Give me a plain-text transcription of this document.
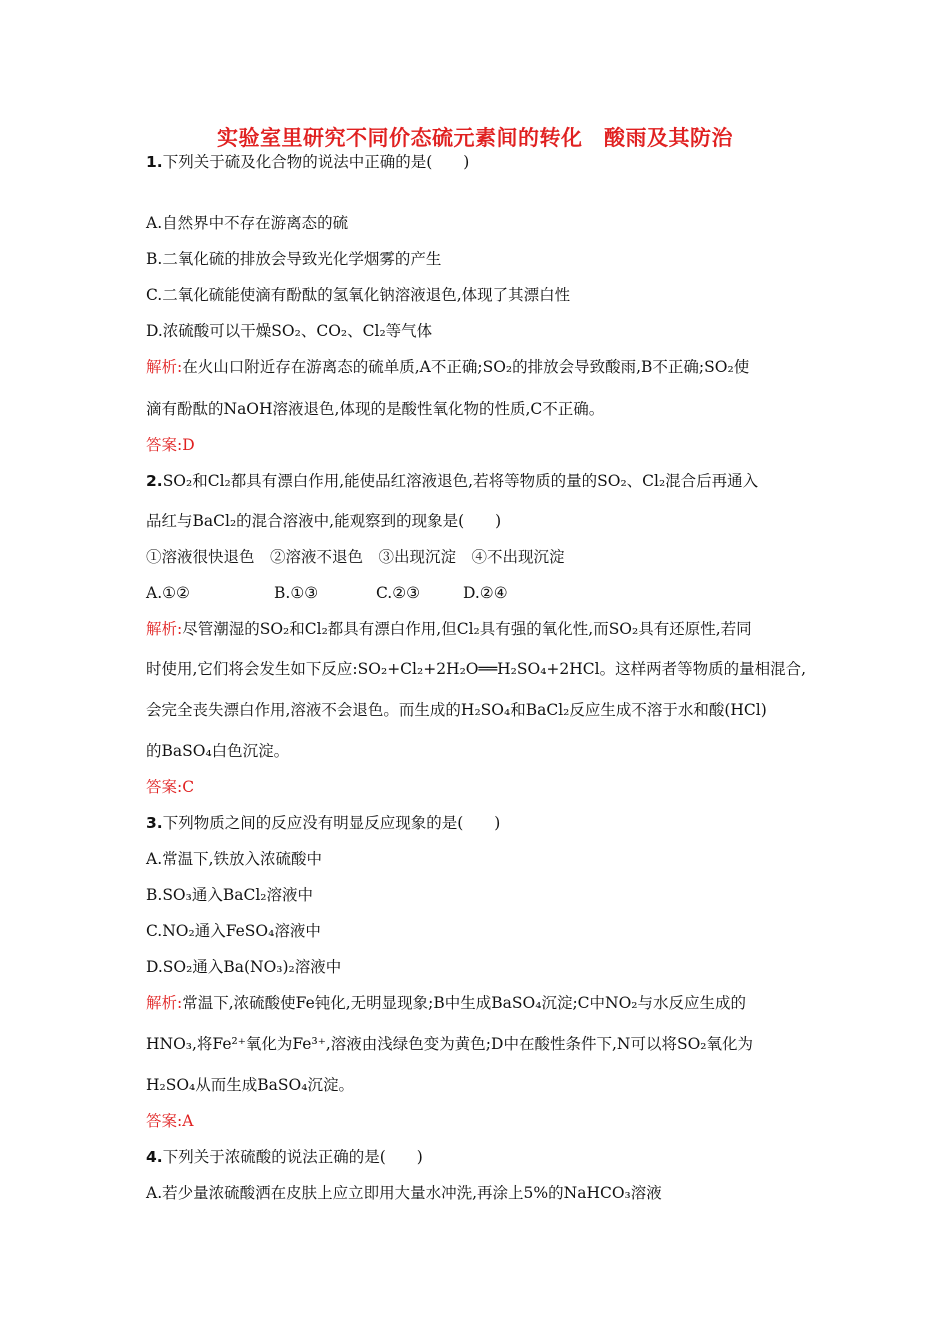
实验室里研究不同价态硫元素间的转化　酸雨及其防治
1.下列关于硫及化合物的说法中正确的是(　　)
A.自然界中不存在游离态的硫
B.二氧化硫的排放会导致光化学烟雾的产生
C.二氧化硫能使滴有酚酞的氢氧化钠溶液退色,体现了其漂白性
D.浓硫酸可以干燥SO₂、CO₂、Cl₂等气体
解析:在火山口附近存在游离态的硫单质,A不正确;SO₂的排放会导致酸雨,B不正确;SO₂使
滴有酚酞的NaOH溶液退色,体现的是酸性氧化物的性质,C不正确。
答案:D
2.SO₂和Cl₂都具有漂白作用,能使品红溶液退色,若将等物质的量的SO₂、Cl₂混合后再通入
品红与BaCl₂的混合溶液中,能观察到的现象是(　　)
①溶液很快退色　②溶液不退色　③出现沉淀　④不出现沉淀
A.①②	B.①③	C.②③	D.②④
解析:尽管潮湿的SO₂和Cl₂都具有漂白作用,但Cl₂具有强的氧化性,而SO₂具有还原性,若同
时使用,它们将会发生如下反应:SO₂+Cl₂+2H₂O══H₂SO₄+2HCl。这样两者等物质的量相混合,
会完全丧失漂白作用,溶液不会退色。而生成的H₂SO₄和BaCl₂反应生成不溶于水和酸(HCl)
的BaSO₄白色沉淀。
答案:C
3.下列物质之间的反应没有明显反应现象的是(　　)
A.常温下,铁放入浓硫酸中
B.SO₃通入BaCl₂溶液中
C.NO₂通入FeSO₄溶液中
D.SO₂通入Ba(NO₃)₂溶液中
解析:常温下,浓硫酸使Fe钝化,无明显现象;B中生成BaSO₄沉淀;C中NO₂与水反应生成的
HNO₃,将Fe²⁺氧化为Fe³⁺,溶液由浅绿色变为黄色;D中在酸性条件下,N可以将SO₂氧化为
H₂SO₄从而生成BaSO₄沉淀。
答案:A
4.下列关于浓硫酸的说法正确的是(　　)
A.若少量浓硫酸洒在皮肤上应立即用大量水冲洗,再涂上5%的NaHCO₃溶液
